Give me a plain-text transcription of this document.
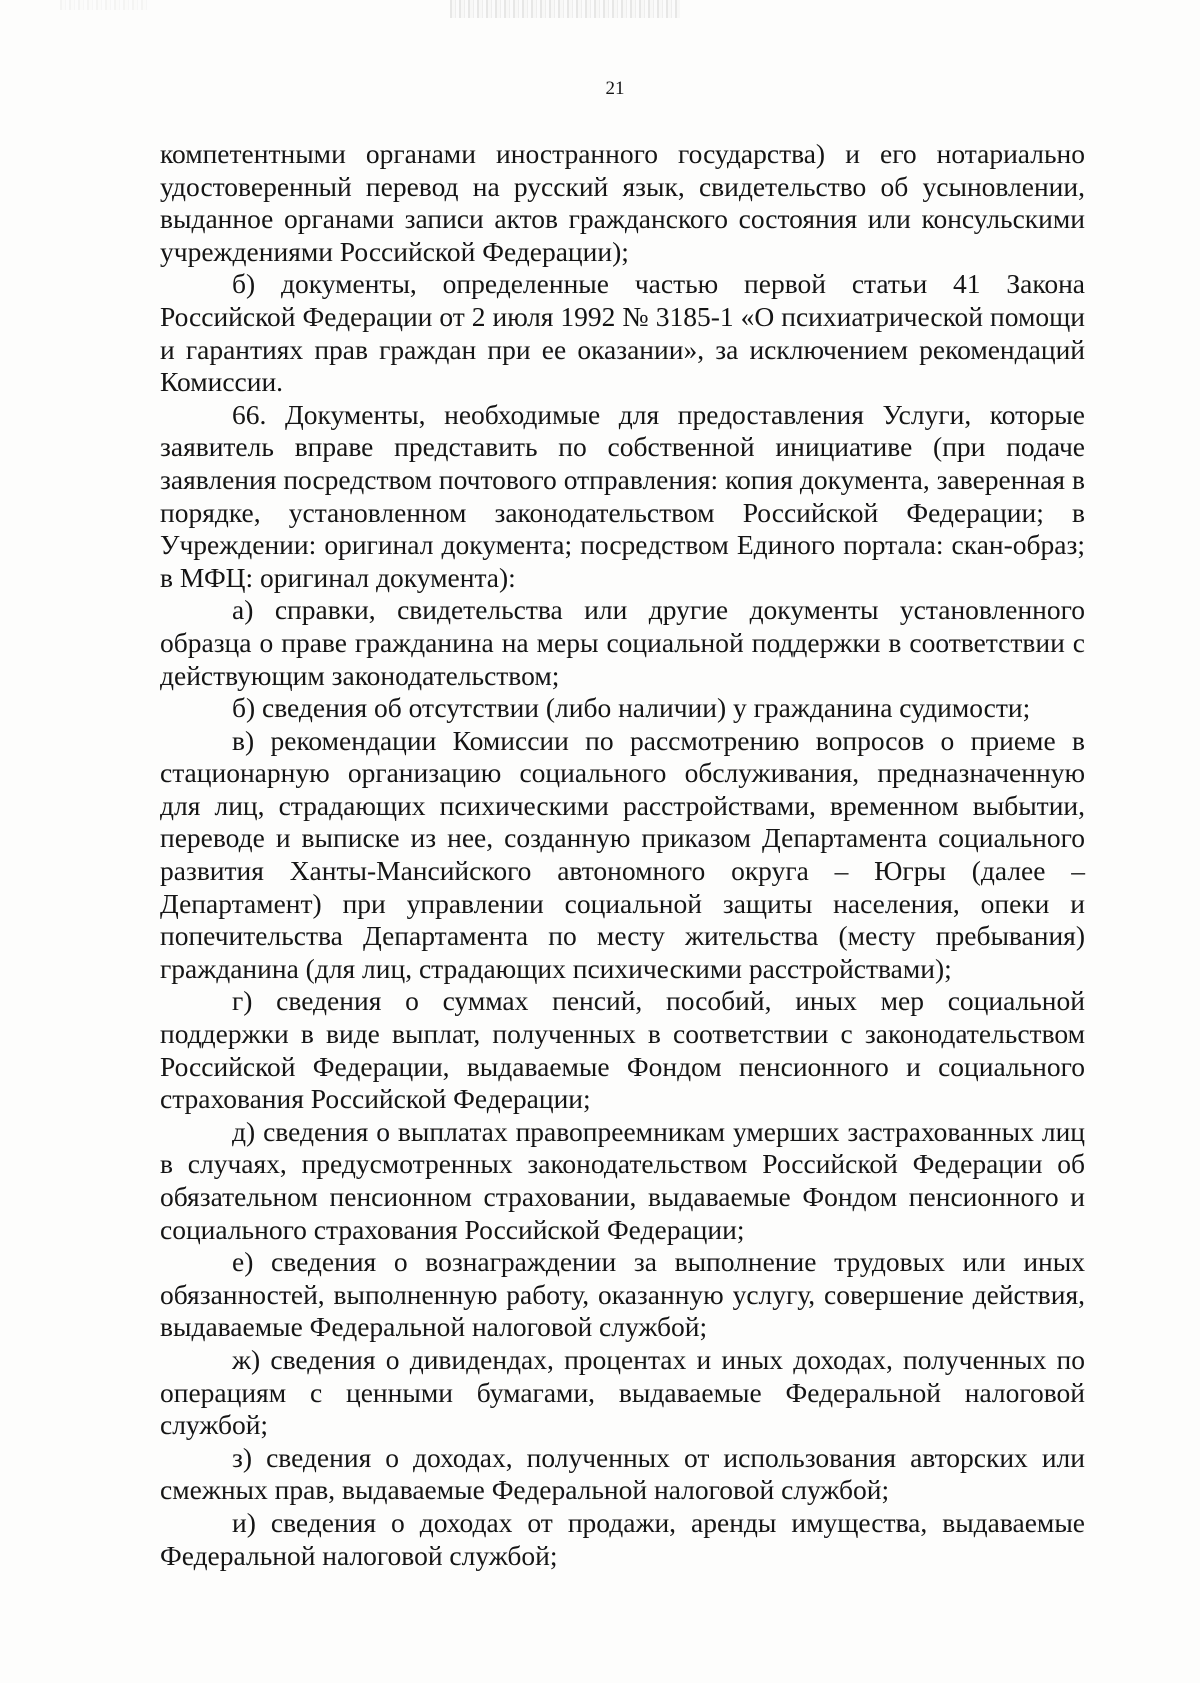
21

компетентными органами иностранного государства) и его нотариально удостоверенный перевод на русский язык, свидетельство об усыновлении, выданное органами записи актов гражданского состояния или консульскими учреждениями Российской Федерации);

б) документы, определенные частью первой статьи 41 Закона Российской Федерации от 2 июля 1992 № 3185-1 «О психиатрической помощи и гарантиях прав граждан при ее оказании», за исключением рекомендаций Комиссии.

66. Документы, необходимые для предоставления Услуги, которые заявитель вправе представить по собственной инициативе (при подаче заявления посредством почтового отправления: копия документа, заверенная в порядке, установленном законодательством Российской Федерации; в Учреждении: оригинал документа; посредством Единого портала: скан-образ; в МФЦ: оригинал документа):

а) справки, свидетельства или другие документы установленного образца о праве гражданина на меры социальной поддержки в соответствии с действующим законодательством;

б) сведения об отсутствии (либо наличии) у гражданина судимости;

в) рекомендации Комиссии по рассмотрению вопросов о приеме в стационарную организацию социального обслуживания, предназначенную для лиц, страдающих психическими расстройствами, временном выбытии, переводе и выписке из нее, созданную приказом Департамента социального развития Ханты-Мансийского автономного округа – Югры (далее – Департамент) при управлении социальной защиты населения, опеки и попечительства Департамента по месту жительства (месту пребывания) гражданина (для лиц, страдающих психическими расстройствами);

г) сведения о суммах пенсий, пособий, иных мер социальной поддержки в виде выплат, полученных в соответствии с законодательством Российской Федерации, выдаваемые Фондом пенсионного и социального страхования Российской Федерации;

д) сведения о выплатах правопреемникам умерших застрахованных лиц в случаях, предусмотренных законодательством Российской Федерации об обязательном пенсионном страховании, выдаваемые Фондом пенсионного и социального страхования Российской Федерации;

е) сведения о вознаграждении за выполнение трудовых или иных обязанностей, выполненную работу, оказанную услугу, совершение действия, выдаваемые Федеральной налоговой службой;

ж) сведения о дивидендах, процентах и иных доходах, полученных по операциям с ценными бумагами, выдаваемые Федеральной налоговой службой;

з) сведения о доходах, полученных от использования авторских или смежных прав, выдаваемые Федеральной налоговой службой;

и) сведения о доходах от продажи, аренды имущества, выдаваемые Федеральной налоговой службой;
